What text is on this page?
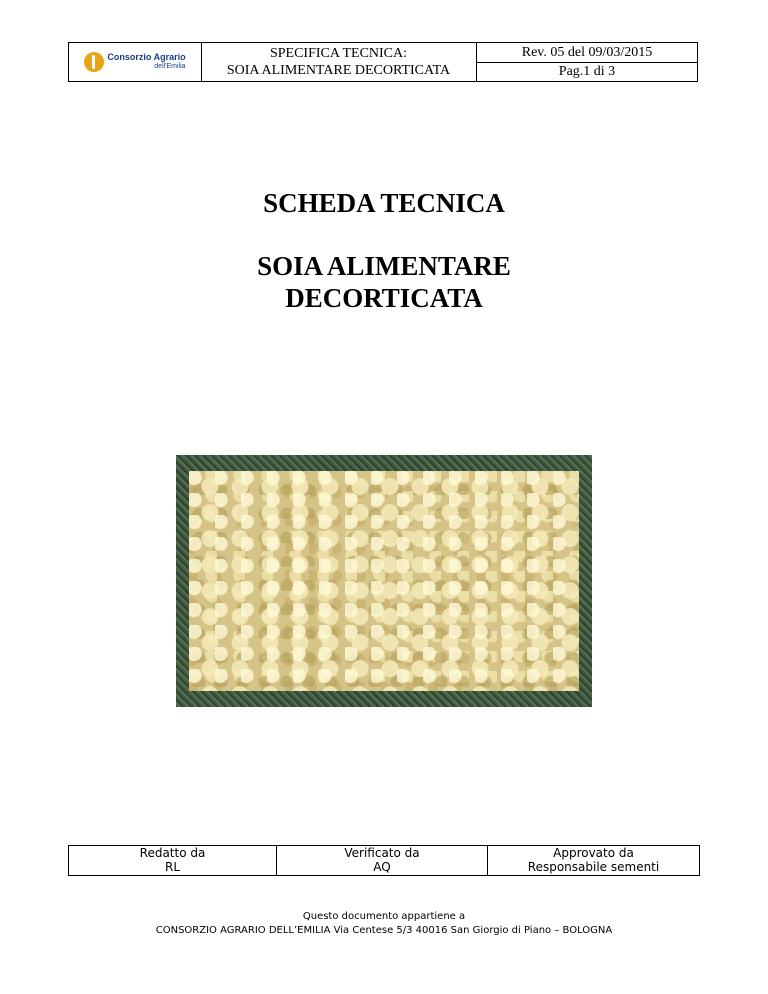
Consorzio Agrario
dell'Emilia
SPECIFICA TECNICA:
SOIA ALIMENTARE DECORTICATA
Rev. 05 del 09/03/2015
Pag.1 di 3
SCHEDA TECNICA
SOIA ALIMENTARE
DECORTICATA
Redatto da
RL
Verificato da
AQ
Approvato da
Responsabile sementi
Questo documento appartiene a
CONSORZIO AGRARIO DELL’EMILIA Via Centese 5/3 40016 San Giorgio di Piano – BOLOGNA
